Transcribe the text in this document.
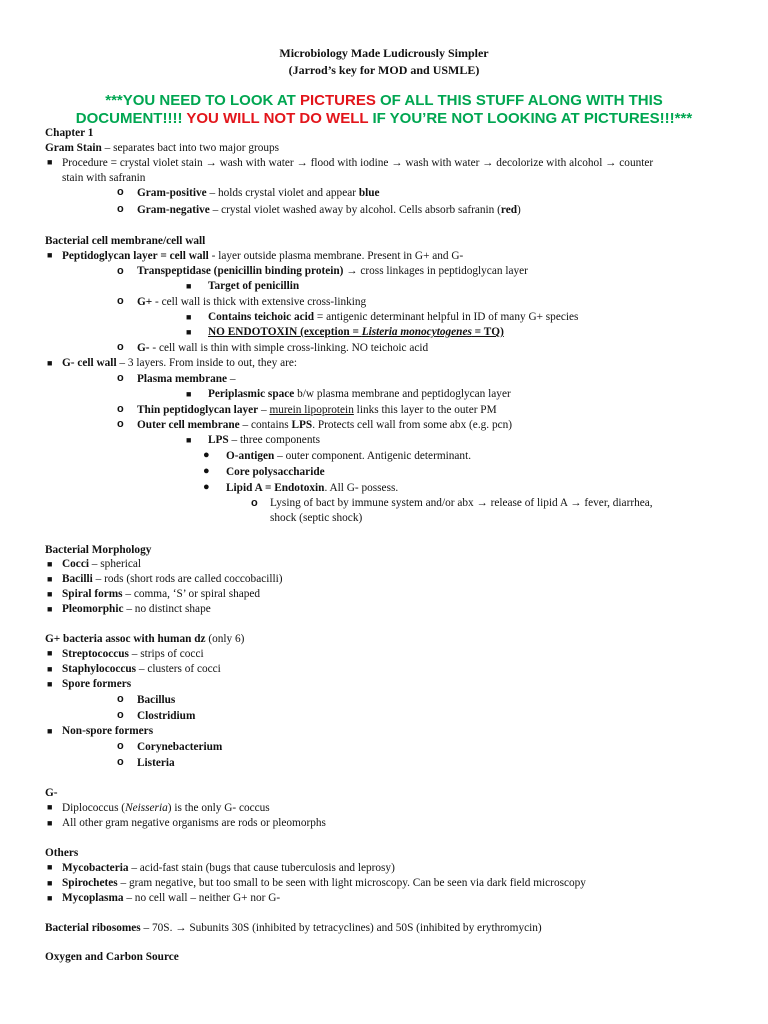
Microbiology Made Ludicrously Simpler
(Jarrod’s key for MOD and USMLE)
***YOU NEED TO LOOK AT PICTURES OF ALL THIS STUFF ALONG WITH THIS
DOCUMENT!!!! YOU WILL NOT DO WELL IF YOU’RE NOT LOOKING AT PICTURES!!!***
Chapter 1
Gram Stain – separates bact into two major groups
■ Procedure = crystal violet stain → wash with water → flood with iodine → wash with water → decolorize with alcohol → counter
stain with safranin
o Gram-positive – holds crystal violet and appear blue
o Gram-negative – crystal violet washed away by alcohol. Cells absorb safranin (red)
Bacterial cell membrane/cell wall
■ Peptidoglycan layer = cell wall - layer outside plasma membrane. Present in G+ and G-
o Transpeptidase (penicillin binding protein) → cross linkages in peptidoglycan layer
■ Target of penicillin
o G+ - cell wall is thick with extensive cross-linking
■ Contains teichoic acid = antigenic determinant helpful in ID of many G+ species
■ NO ENDOTOXIN (exception = Listeria monocytogenes = TQ)
o G- - cell wall is thin with simple cross-linking. NO teichoic acid
■ G- cell wall – 3 layers. From inside to out, they are:
o Plasma membrane –
■ Periplasmic space b/w plasma membrane and peptidoglycan layer
o Thin peptidoglycan layer – murein lipoprotein links this layer to the outer PM
o Outer cell membrane – contains LPS. Protects cell wall from some abx (e.g. pcn)
■ LPS – three components
● O-antigen – outer component. Antigenic determinant.
● Core polysaccharide
● Lipid A = Endotoxin. All G- possess.
o Lysing of bact by immune system and/or abx → release of lipid A → fever, diarrhea,
shock (septic shock)
Bacterial Morphology
■ Cocci – spherical
■ Bacilli – rods (short rods are called coccobacilli)
■ Spiral forms – comma, ‘S’ or spiral shaped
■ Pleomorphic – no distinct shape
G+ bacteria assoc with human dz (only 6)
■ Streptococcus – strips of cocci
■ Staphylococcus – clusters of cocci
■ Spore formers
o Bacillus
o Clostridium
■ Non-spore formers
o Corynebacterium
o Listeria
G-
■ Diplococcus (Neisseria) is the only G- coccus
■ All other gram negative organisms are rods or pleomorphs
Others
■ Mycobacteria – acid-fast stain (bugs that cause tuberculosis and leprosy)
■ Spirochetes – gram negative, but too small to be seen with light microscopy. Can be seen via dark field microscopy
■ Mycoplasma – no cell wall – neither G+ nor G-
Bacterial ribosomes – 70S. → Subunits 30S (inhibited by tetracyclines) and 50S (inhibited by erythromycin)
Oxygen and Carbon Source
